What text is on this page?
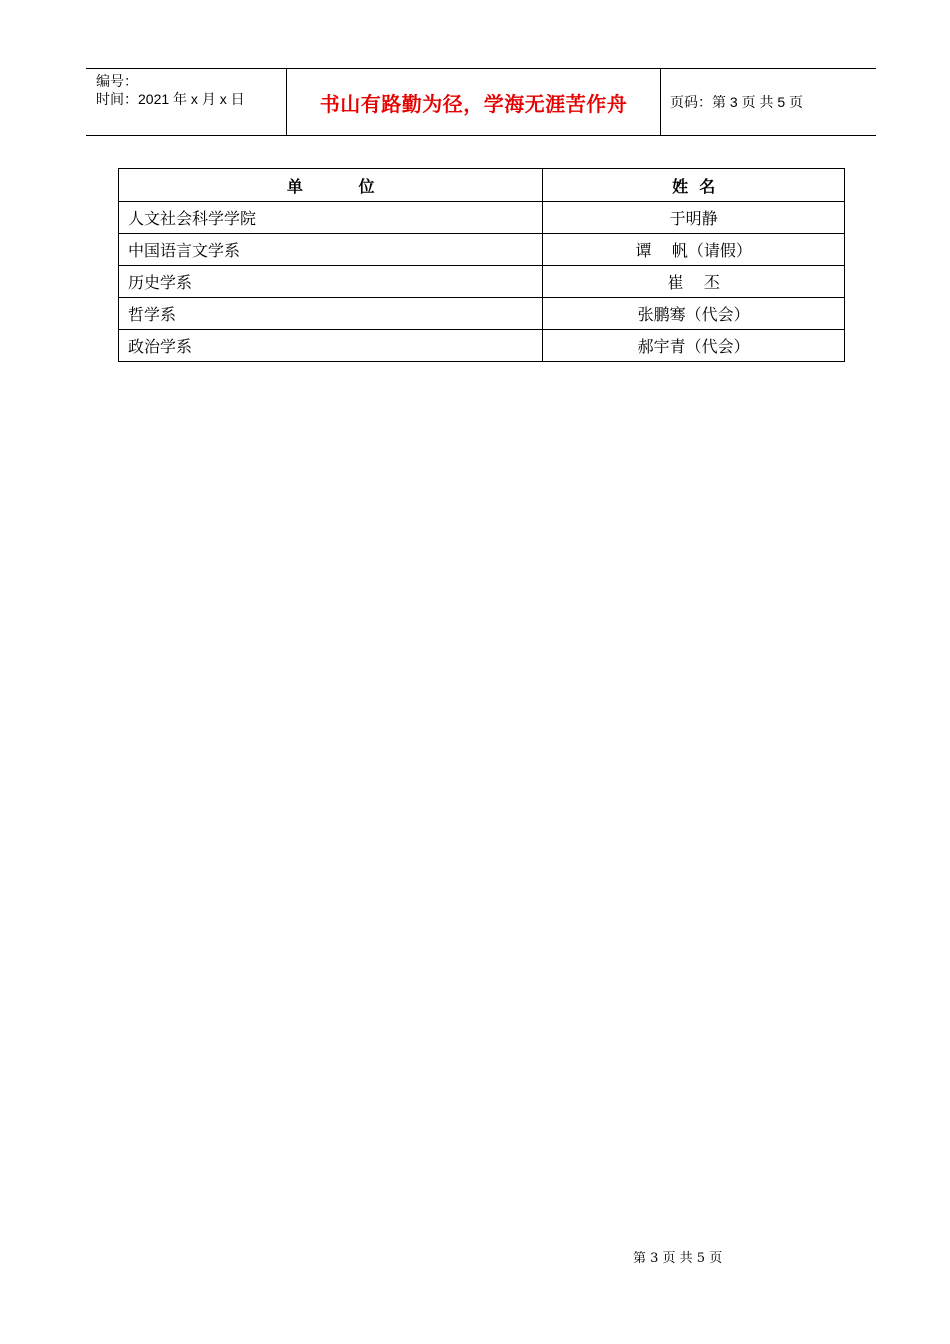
编号：
时间：2021 年 x 月 x 日	书山有路勤为径，学海无涯苦作舟	页码：第 3 页 共 5 页
单          位	姓  名
人文社会科学学院	于明静
中国语言文学系	谭    帆（请假）
历史学系	崔    丕
哲学系	张鹏骞（代会）
政治学系	郝宇青（代会）
第 3 页 共 5 页
